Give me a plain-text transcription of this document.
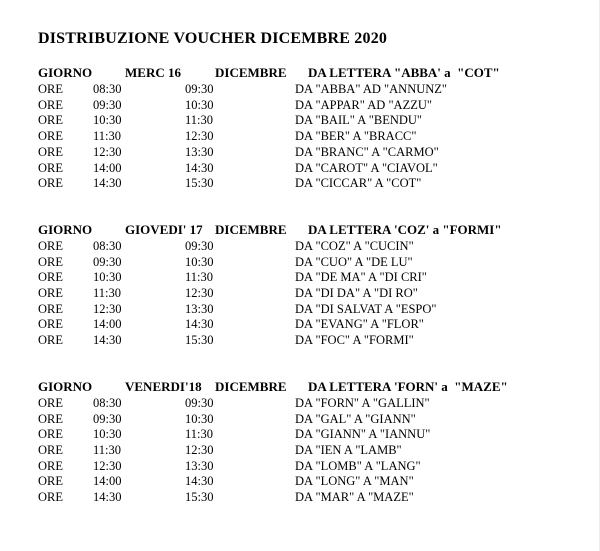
DISTRIBUZIONE VOUCHER DICEMBRE 2020
GIORNO	MERC 16	DICEMBRE	DA LETTERA "ABBA' a  "COT"
ORE	08:30	09:30	DA "ABBA" AD "ANNUNZ"
ORE	09:30	10:30	DA "APPAR" AD "AZZU"
ORE	10:30	11:30	DA "BAIL" A "BENDU"
ORE	11:30	12:30	DA "BER" A "BRACC"
ORE	12:30	13:30	DA "BRANC" A "CARMO"
ORE	14:00	14:30	DA "CAROT" A "CIAVOL"
ORE	14:30	15:30	DA "CICCAR" A "COT"
GIORNO	GIOVEDI' 17 DICEMBRE	DA LETTERA 'COZ' a "FORMI"
ORE	08:30	09:30	DA "COZ" A "CUCIN"
ORE	09:30	10:30	DA "CUO" A "DE LU"
ORE	10:30	11:30	DA "DE MA" A "DI CRI"
ORE	11:30	12:30	DA "DI DA" A "DI RO"
ORE	12:30	13:30	DA "DI SALVAT A "ESPO"
ORE	14:00	14:30	DA "EVANG" A "FLOR"
ORE	14:30	15:30	DA "FOC" A "FORMI"
GIORNO	VENERDI'18	DICEMBRE	DA LETTERA 'FORN' a  "MAZE"
ORE	08:30	09:30	DA "FORN" A "GALLIN"
ORE	09:30	10:30	DA "GAL" A "GIANN"
ORE	10:30	11:30	DA "GIANN" A "IANNU"
ORE	11:30	12:30	DA "IEN A "LAMB"
ORE	12:30	13:30	DA "LOMB" A "LANG"
ORE	14:00	14:30	DA "LONG" A "MAN"
ORE	14:30	15:30	DA "MAR" A "MAZE"
